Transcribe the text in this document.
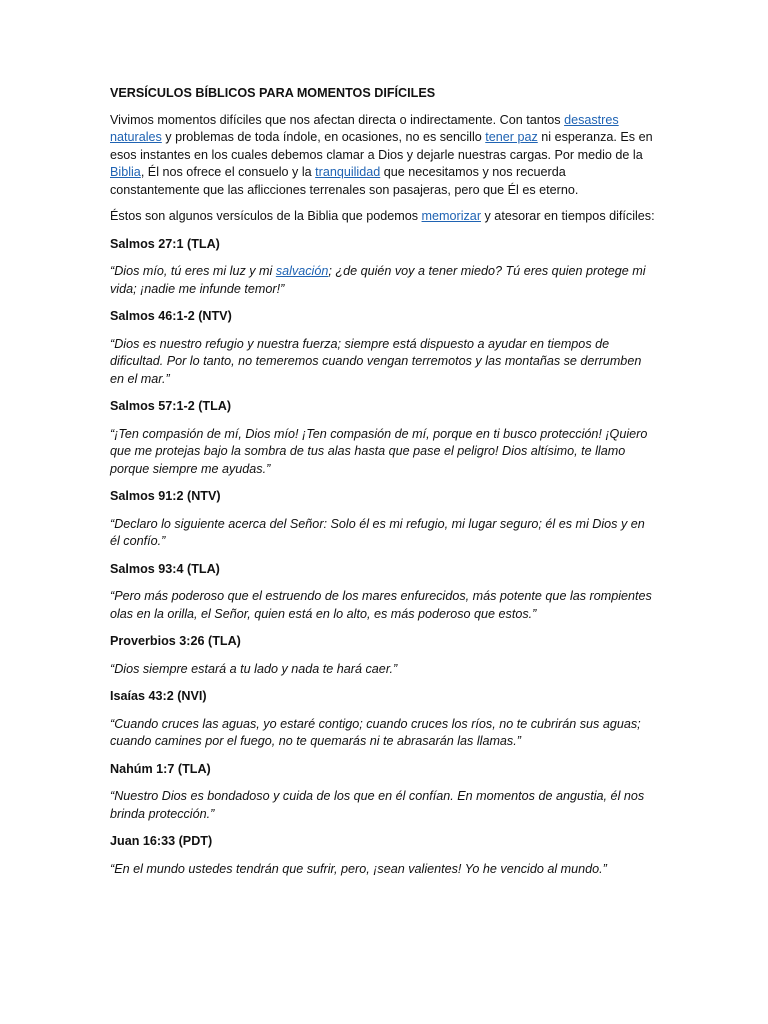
VERSÍCULOS BÍBLICOS PARA MOMENTOS DIFÍCILES

Vivimos momentos difíciles que nos afectan directa o indirectamente. Con tantos desastres naturales y problemas de toda índole, en ocasiones, no es sencillo tener paz ni esperanza. Es en esos instantes en los cuales debemos clamar a Dios y dejarle nuestras cargas. Por medio de la Biblia, Él nos ofrece el consuelo y la tranquilidad que necesitamos y nos recuerda constantemente que las aflicciones terrenales son pasajeras, pero que Él es eterno.

Éstos son algunos versículos de la Biblia que podemos memorizar y atesorar en tiempos difíciles:

Salmos 27:1 (TLA)

“Dios mío, tú eres mi luz y mi salvación; ¿de quién voy a tener miedo? Tú eres quien protege mi vida; ¡nadie me infunde temor!”

Salmos 46:1-2 (NTV)

“Dios es nuestro refugio y nuestra fuerza; siempre está dispuesto a ayudar en tiempos de dificultad. Por lo tanto, no temeremos cuando vengan terremotos y las montañas se derrumben en el mar.”

Salmos 57:1-2 (TLA)

“¡Ten compasión de mí, Dios mío! ¡Ten compasión de mí, porque en ti busco protección! ¡Quiero que me protejas bajo la sombra de tus alas hasta que pase el peligro! Dios altísimo, te llamo porque siempre me ayudas.”

Salmos 91:2 (NTV)

“Declaro lo siguiente acerca del Señor: Solo él es mi refugio, mi lugar seguro; él es mi Dios y en él confío.”

Salmos 93:4 (TLA)

“Pero más poderoso que el estruendo de los mares enfurecidos, más potente que las rompientes olas en la orilla, el Señor, quien está en lo alto, es más poderoso que estos.”

Proverbios 3:26 (TLA)

“Dios siempre estará a tu lado y nada te hará caer.”

Isaías 43:2 (NVI)

“Cuando cruces las aguas, yo estaré contigo; cuando cruces los ríos, no te cubrirán sus aguas; cuando camines por el fuego, no te quemarás ni te abrasarán las llamas.”

Nahúm 1:7 (TLA)

“Nuestro Dios es bondadoso y cuida de los que en él confían. En momentos de angustia, él nos brinda protección.”

Juan 16:33 (PDT)

“En el mundo ustedes tendrán que sufrir, pero, ¡sean valientes! Yo he vencido al mundo.”
